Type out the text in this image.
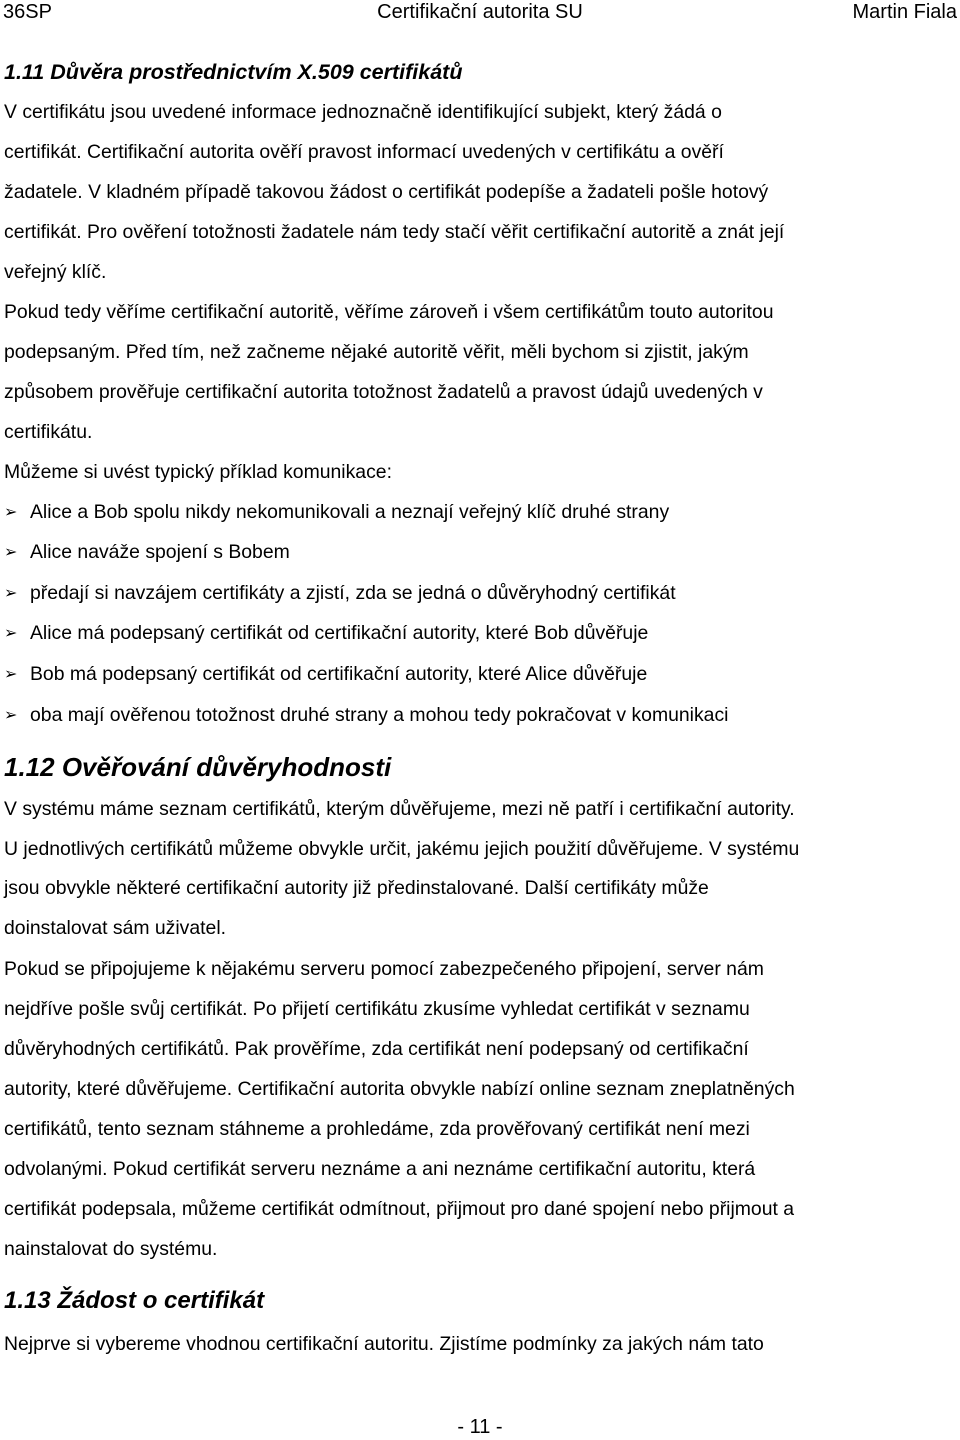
36SP	Certifikační autorita SU	Martin Fiala
1.11 Důvěra prostřednictvím X.509 certifikátů
V certifikátu jsou uvedené informace jednoznačně identifikující subjekt, který žádá o
certifikát. Certifikační autorita ověří pravost informací uvedených v certifikátu a ověří
žadatele. V kladném případě takovou žádost o certifikát podepíše a žadateli pošle hotový
certifikát. Pro ověření totožnosti žadatele nám tedy stačí věřit certifikační autoritě a znát její
veřejný klíč.
Pokud tedy věříme certifikační autoritě, věříme zároveň i všem certifikátům touto autoritou
podepsaným. Před tím, než začneme nějaké autoritě věřit, měli bychom si zjistit, jakým
způsobem prověřuje certifikační autorita totožnost žadatelů a pravost údajů uvedených v
certifikátu.
Můžeme si uvést typický příklad komunikace:
➢ Alice a Bob spolu nikdy nekomunikovali a neznají veřejný klíč druhé strany
➢ Alice naváže spojení s Bobem
➢ předají si navzájem certifikáty a zjistí, zda se jedná o důvěryhodný certifikát
➢ Alice má podepsaný certifikát od certifikační autority, které Bob důvěřuje
➢ Bob má podepsaný certifikát od certifikační autority, které Alice důvěřuje
➢ oba mají ověřenou totožnost druhé strany a mohou tedy pokračovat v komunikaci
1.12 Ověřování důvěryhodnosti
V systému máme seznam certifikátů, kterým důvěřujeme, mezi ně patří i certifikační autority.
U jednotlivých certifikátů můžeme obvykle určit, jakému jejich použití důvěřujeme. V systému
jsou obvykle některé certifikační autority již předinstalované. Další certifikáty může
doinstalovat sám uživatel.
Pokud se připojujeme k nějakému serveru pomocí zabezpečeného připojení, server nám
nejdříve pošle svůj certifikát. Po přijetí certifikátu zkusíme vyhledat certifikát v seznamu
důvěryhodných certifikátů. Pak prověříme, zda certifikát není podepsaný od certifikační
autority, které důvěřujeme. Certifikační autorita obvykle nabízí online seznam zneplatněných
certifikátů, tento seznam stáhneme a prohledáme, zda prověřovaný certifikát není mezi
odvolanými. Pokud certifikát serveru neznáme a ani neznáme certifikační autoritu, která
certifikát podepsala, můžeme certifikát odmítnout, přijmout pro dané spojení nebo přijmout a
nainstalovat do systému.
1.13 Žádost o certifikát
Nejprve si vybereme vhodnou certifikační autoritu. Zjistíme podmínky za jakých nám tato
- 11 -
